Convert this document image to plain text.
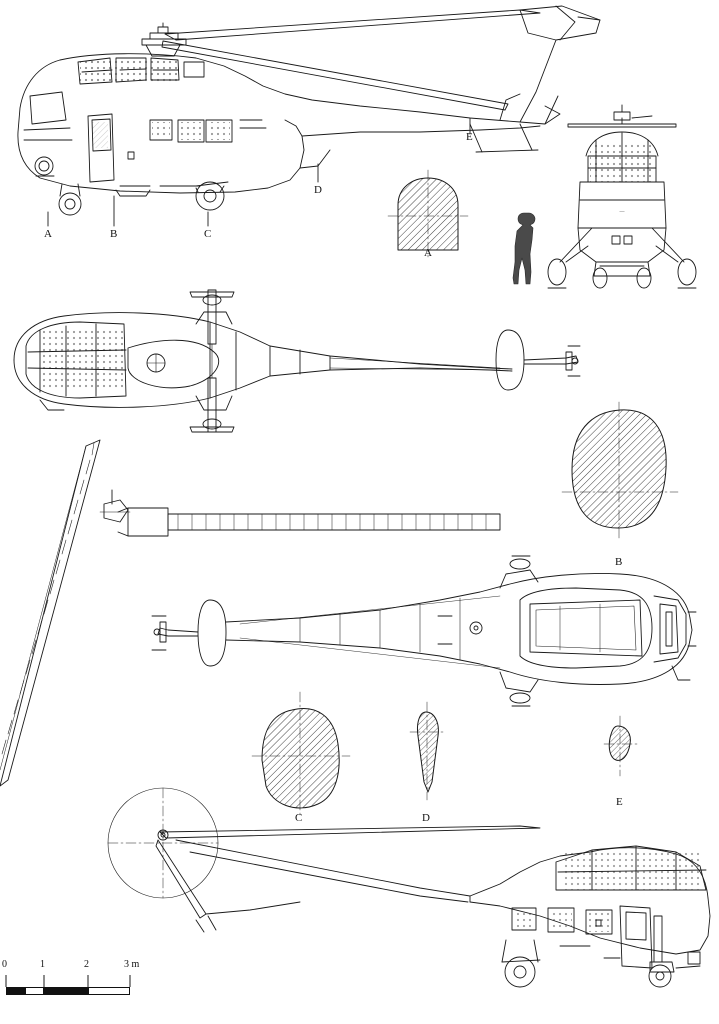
—
A	B	C
D
E
A
B
C	D
E
0	1	2	3 m
